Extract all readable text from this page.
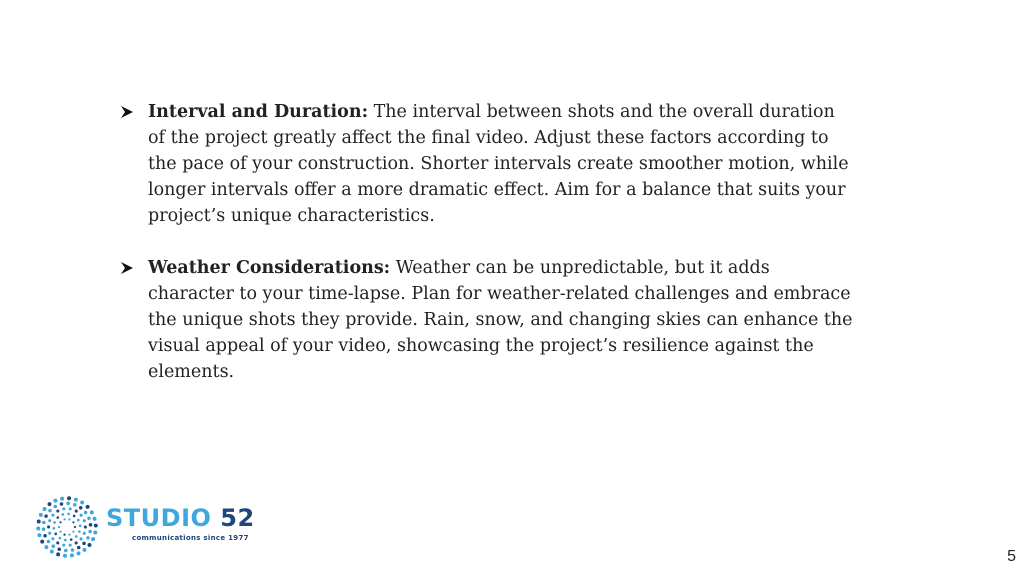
Interval and Duration: The interval between shots and the overall duration of the project greatly affect the final video. Adjust these factors according to the pace of your construction. Shorter intervals create smoother motion, while longer intervals offer a more dramatic effect. Aim for a balance that suits your project’s unique characteristics.
Weather Considerations: Weather can be unpredictable, but it adds character to your time-lapse. Plan for weather-related challenges and embrace the unique shots they provide. Rain, snow, and changing skies can enhance the visual appeal of your video, showcasing the project’s resilience against the elements.
STUDIO 52
communications since 1977
5
